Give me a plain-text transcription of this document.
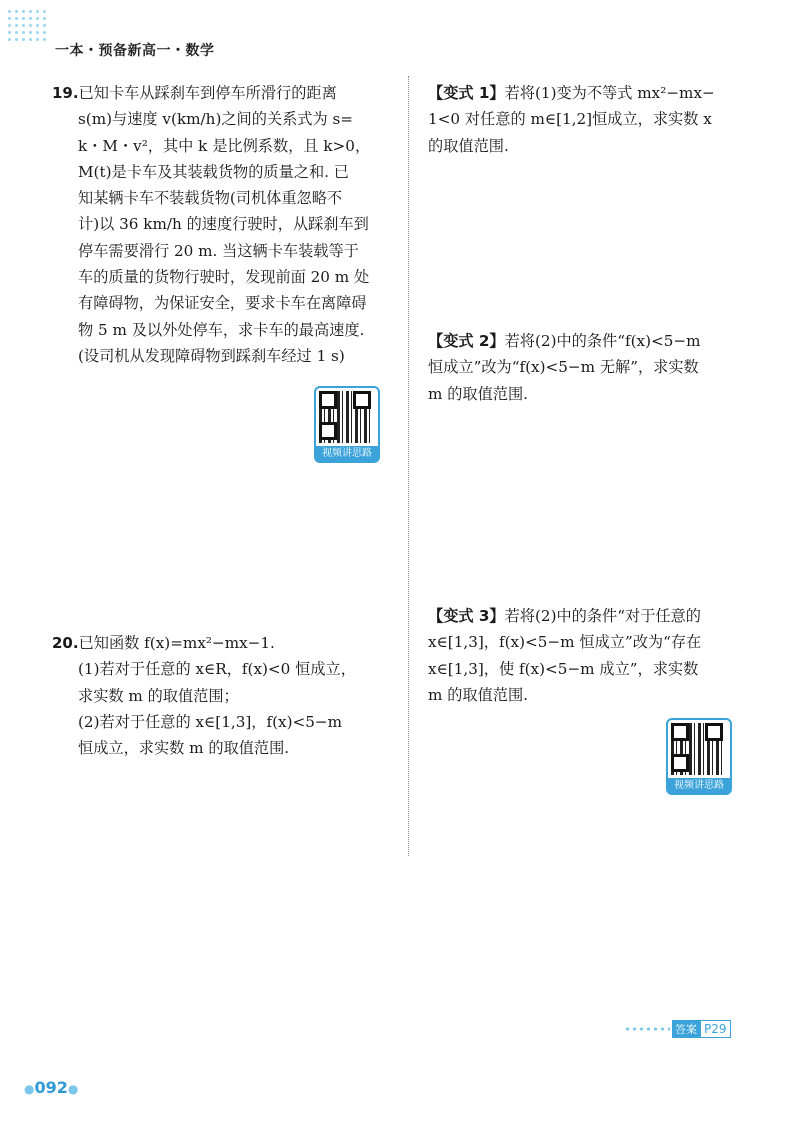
一本・预备新高一・数学
19.已知卡车从踩刹车到停车所滑行的距离
s(m)与速度 v(km/h)之间的关系式为 s=
k・M・v²，其中 k 是比例系数，且 k>0，
M(t)是卡车及其装载货物的质量之和. 已
知某辆卡车不装载货物(司机体重忽略不
计)以 36 km/h 的速度行驶时，从踩刹车到
停车需要滑行 20 m. 当这辆卡车装载等于
车的质量的货物行驶时，发现前面 20 m 处
有障碍物，为保证安全，要求卡车在离障碍
物 5 m 及以外处停车，求卡车的最高速度.
(设司机从发现障碍物到踩刹车经过 1 s)
视频讲思路
20.已知函数 f(x)=mx²−mx−1.
(1)若对于任意的 x∈R，f(x)<0 恒成立，
求实数 m 的取值范围；
(2)若对于任意的 x∈[1,3]，f(x)<5−m
恒成立，求实数 m 的取值范围.
【变式 1】若将(1)变为不等式 mx²−mx−
1<0 对任意的 m∈[1,2]恒成立，求实数 x
的取值范围.
【变式 2】若将(2)中的条件“f(x)<5−m
恒成立”改为“f(x)<5−m 无解”，求实数
m 的取值范围.
【变式 3】若将(2)中的条件“对于任意的
x∈[1,3]，f(x)<5−m 恒成立”改为“存在
x∈[1,3]，使 f(x)<5−m 成立”，求实数
m 的取值范围.
视频讲思路
答案 P29
●092●
